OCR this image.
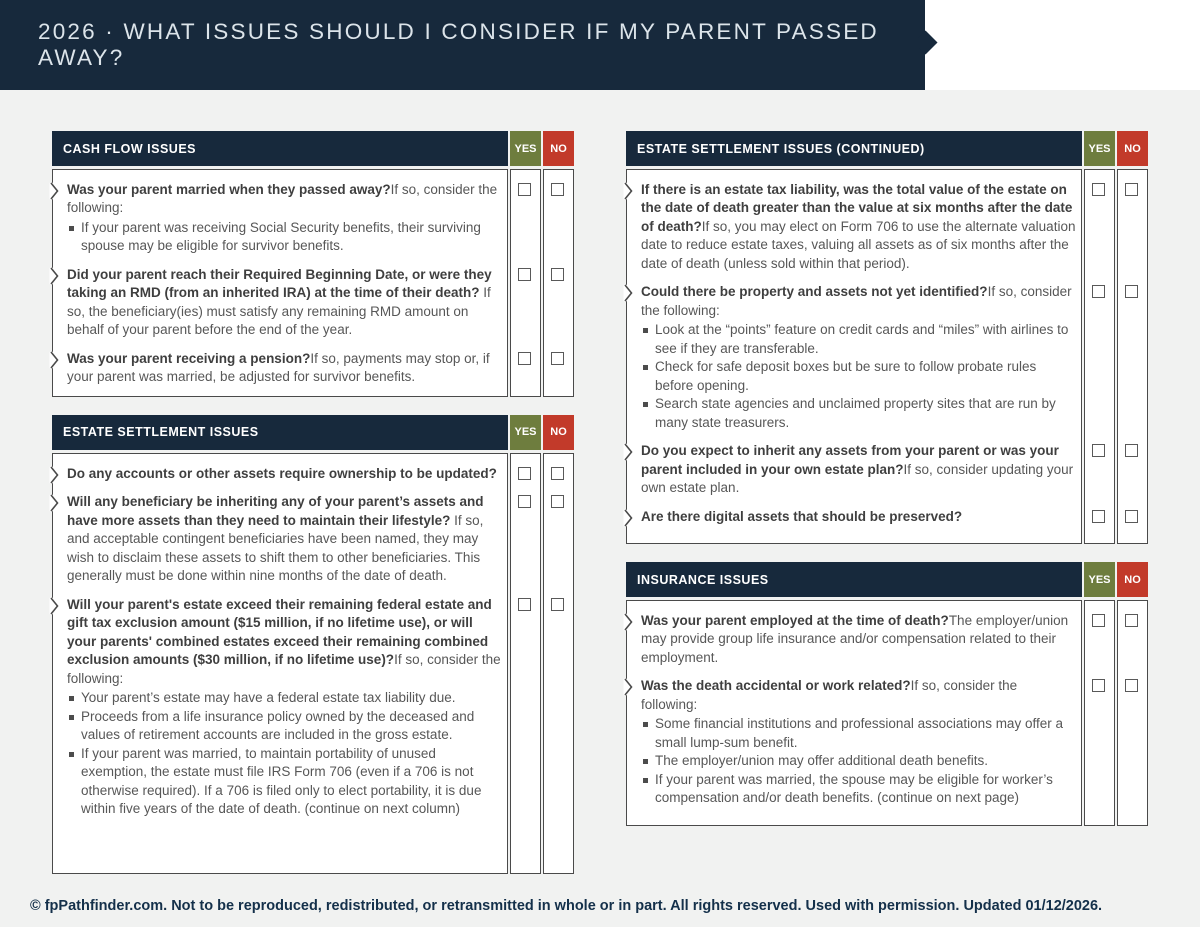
2026 · WHAT ISSUES SHOULD I CONSIDER IF MY PARENT PASSED AWAY?
CASH FLOW ISSUES	YES	NO
Was your parent married when they passed away?If so, consider the following:
If your parent was receiving Social Security benefits, their surviving spouse may be eligible for survivor benefits.
Did your parent reach their Required Beginning Date, or were they taking an RMD (from an inherited IRA) at the time of their death? If so, the beneficiary(ies) must satisfy any remaining RMD amount on behalf of your parent before the end of the year.
Was your parent receiving a pension?If so, payments may stop or, if your parent was married, be adjusted for survivor benefits.
ESTATE SETTLEMENT ISSUES	YES	NO
Do any accounts or other assets require ownership to be updated?
Will any beneficiary be inheriting any of your parent’s assets and have more assets than they need to maintain their lifestyle? If so, and acceptable contingent beneficiaries have been named, they may wish to disclaim these assets to shift them to other beneficiaries. This generally must be done within nine months of the date of death.
Will your parent's estate exceed their remaining federal estate and gift tax exclusion amount ($15 million, if no lifetime use), or will your parents' combined estates exceed their remaining combined exclusion amounts ($30 million, if no lifetime use)?If so, consider the following:
Your parent’s estate may have a federal estate tax liability due.
Proceeds from a life insurance policy owned by the deceased and values of retirement accounts are included in the gross estate.
If your parent was married, to maintain portability of unused exemption, the estate must file IRS Form 706 (even if a 706 is not otherwise required). If a 706 is filed only to elect portability, it is due within five years of the date of death. (continue on next column)
ESTATE SETTLEMENT ISSUES (CONTINUED)	YES	NO
If there is an estate tax liability, was the total value of the estate on the date of death greater than the value at six months after the date of death?If so, you may elect on Form 706 to use the alternate valuation date to reduce estate taxes, valuing all assets as of six months after the date of death (unless sold within that period).
Could there be property and assets not yet identified?If so, consider the following:
Look at the “points” feature on credit cards and “miles” with airlines to see if they are transferable.
Check for safe deposit boxes but be sure to follow probate rules before opening.
Search state agencies and unclaimed property sites that are run by many state treasurers.
Do you expect to inherit any assets from your parent or was your parent included in your own estate plan?If so, consider updating your own estate plan.
Are there digital assets that should be preserved?
INSURANCE ISSUES	YES	NO
Was your parent employed at the time of death?The employer/union may provide group life insurance and/or compensation related to their employment.
Was the death accidental or work related?If so, consider the following:
Some financial institutions and professional associations may offer a small lump-sum benefit.
The employer/union may offer additional death benefits.
If your parent was married, the spouse may be eligible for worker’s compensation and/or death benefits. (continue on next page)
© fpPathfinder.com. Not to be reproduced, redistributed, or retransmitted in whole or in part. All rights reserved. Used with permission. Updated 01/12/2026.
